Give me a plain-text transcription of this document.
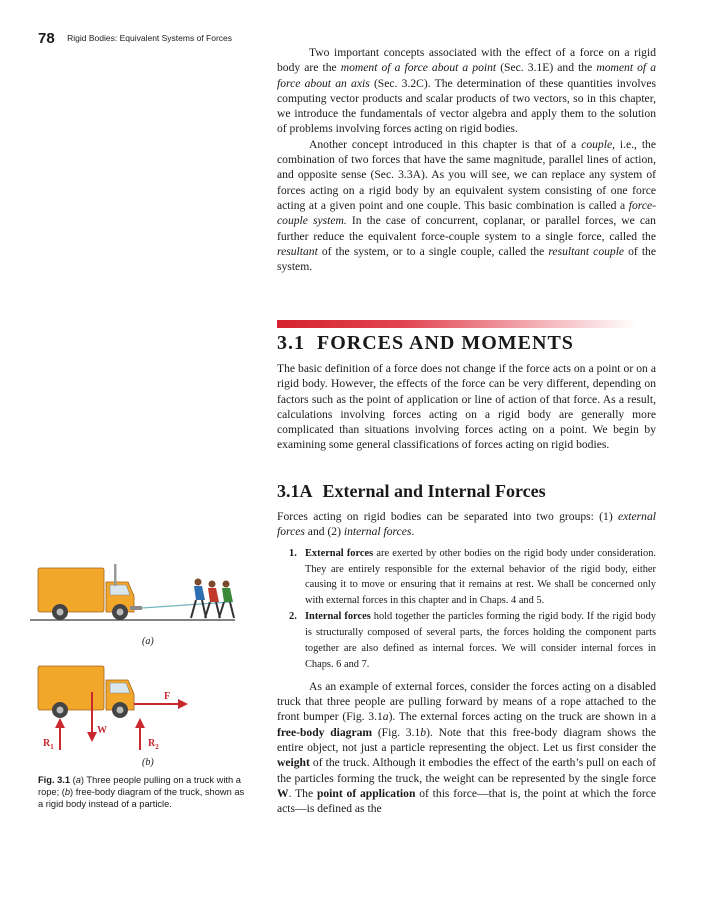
78 Rigid Bodies: Equivalent Systems of Forces

Two important concepts associated with the effect of a force on a rigid body are the moment of a force about a point (Sec. 3.1E) and the moment of a force about an axis (Sec. 3.2C). The determination of these quantities involves computing vector products and scalar products of two vectors, so in this chapter, we introduce the fundamentals of vector algebra and apply them to the solution of problems involving forces acting on rigid bodies.

Another concept introduced in this chapter is that of a couple, i.e., the combination of two forces that have the same magnitude, parallel lines of action, and opposite sense (Sec. 3.3A). As you will see, we can replace any system of forces acting on a rigid body by an equivalent system consisting of one force acting at a given point and one couple. This basic combination is called a force-couple system. In the case of concurrent, coplanar, or parallel forces, we can further reduce the equivalent force-couple system to a single force, called the resultant of the system, or to a single couple, called the resultant couple of the system.

3.1 FORCES AND MOMENTS

The basic definition of a force does not change if the force acts on a point or on a rigid body. However, the effects of the force can be very different, depending on factors such as the point of application or line of action of that force. As a result, calculations involving forces acting on a rigid body are generally more complicated than situations involving forces acting on a point. We begin by examining some general classifications of forces acting on rigid bodies.

3.1A External and Internal Forces

Forces acting on rigid bodies can be separated into two groups: (1) external forces and (2) internal forces.

1. External forces are exerted by other bodies on the rigid body under consideration. They are entirely responsible for the external behavior of the rigid body, either causing it to move or ensuring that it remains at rest. We shall be concerned only with external forces in this chapter and in Chaps. 4 and 5.
2. Internal forces hold together the particles forming the rigid body. If the rigid body is structurally composed of several parts, the forces holding the component parts together are also defined as internal forces. We will consider internal forces in Chaps. 6 and 7.

As an example of external forces, consider the forces acting on a disabled truck that three people are pulling forward by means of a rope attached to the front bumper (Fig. 3.1a). The external forces acting on the truck are shown in a free-body diagram (Fig. 3.1b). Note that this free-body diagram shows the entire object, not just a particle representing the object. Let us first consider the weight of the truck. Although it embodies the effect of the earth’s pull on each of the particles forming the truck, the weight can be represented by the single force W. The point of application of this force—that is, the point at which the force acts—is defined as the

(a)
F
W
$R_1$	$R_2$
(b)
Fig. 3.1 (a) Three people pulling on a truck with a rope; (b) free-body diagram of the truck, shown as a rigid body instead of a particle.
